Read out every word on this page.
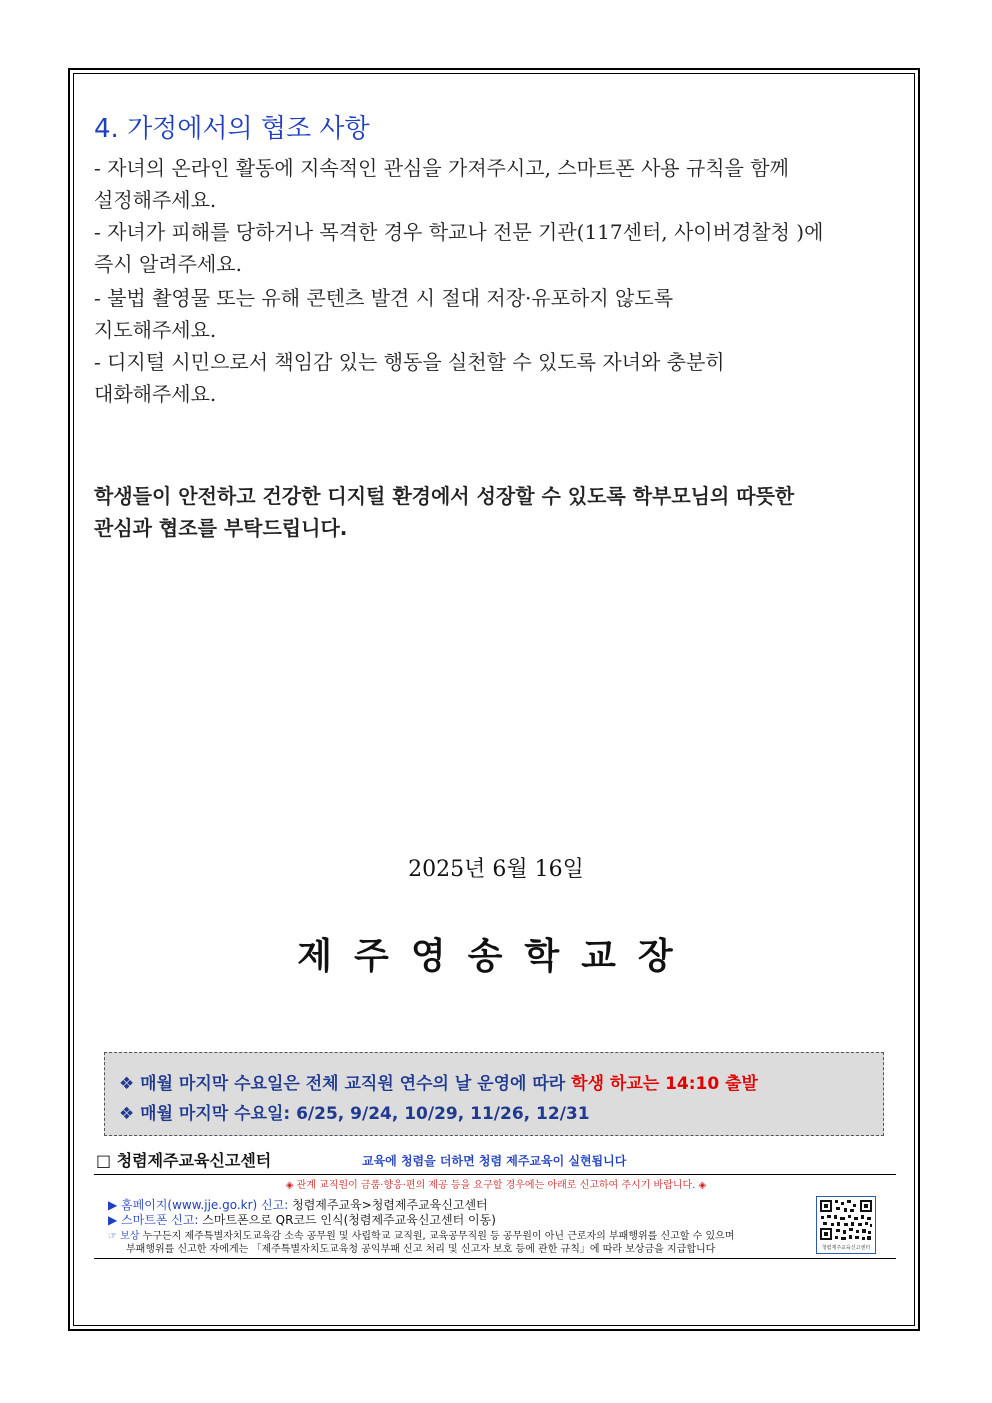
4. 가정에서의 협조 사항
- 자녀의 온라인 활동에 지속적인 관심을 가져주시고, 스마트폰 사용 규칙을 함께
설정해주세요.
- 자녀가 피해를 당하거나 목격한 경우 학교나 전문 기관(117센터, 사이버경찰청 )에
즉시 알려주세요.
- 불법 촬영물 또는 유해 콘텐츠 발견 시 절대 저장·유포하지 않도록
지도해주세요.
- 디지털 시민으로서 책임감 있는 행동을 실천할 수 있도록 자녀와 충분히
대화해주세요.
학생들이 안전하고 건강한 디지털 환경에서 성장할 수 있도록 학부모님의 따뜻한
관심과 협조를 부탁드립니다.
2025년 6월 16일
제주영송학교장
❖ 매월 마지막 수요일은 전체 교직원 연수의 날 운영에 따라 학생 하교는 14:10 출발
❖ 매월 마지막 수요일: 6/25, 9/24, 10/29, 11/26, 12/31
□ 청렴제주교육신고센터	교육에 청렴을 더하면 청렴 제주교육이 실현됩니다
◈ 관계 교직원이 금품·향응·편의 제공 등을 요구할 경우에는 아래로 신고하여 주시기 바랍니다. ◈
▶ 홈페이지(www.jje.go.kr) 신고: 청렴제주교육>청렴제주교육신고센터
▶ 스마트폰 신고: 스마트폰으로 QR코드 인식(청렴제주교육신고센터 이동)
☞ 보상 누구든지 제주특별자치도교육감 소속 공무원 및 사립학교 교직원, 교육공무직원 등 공무원이 아닌 근로자의 부패행위를 신고할 수 있으며
부패행위를 신고한 자에게는 「제주특별자치도교육청 공익부패 신고 처리 및 신고자 보호 등에 관한 규칙」에 따라 보상금을 지급합니다	청렴제주교육신고센터
